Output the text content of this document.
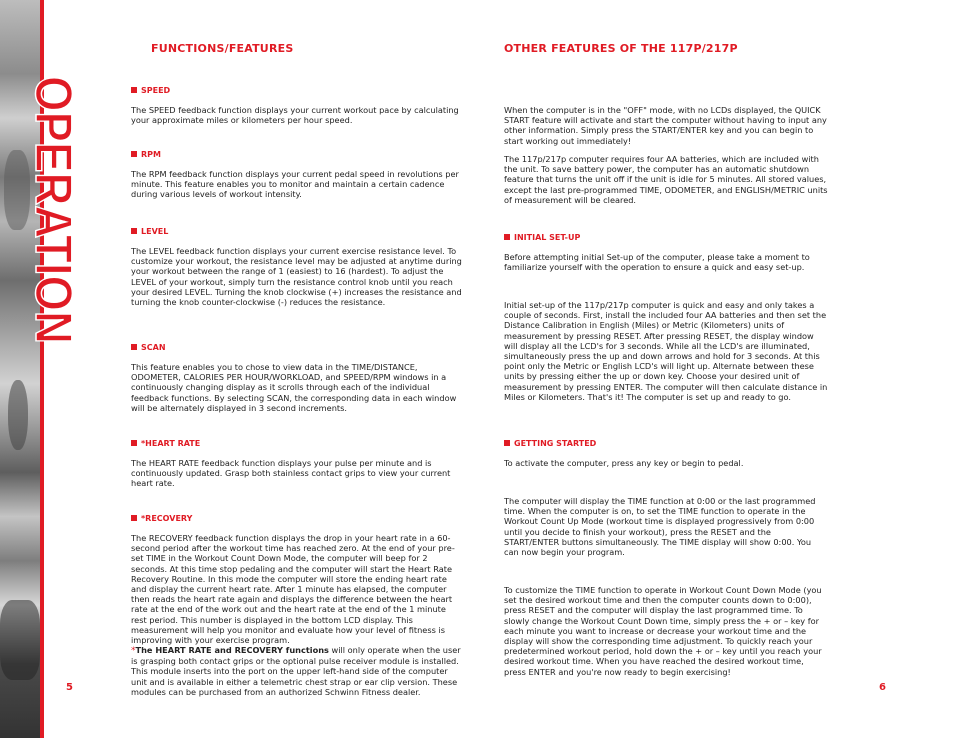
OPERATION
FUNCTIONS/FEATURES
SPEED
The SPEED feedback function displays your current workout pace by calculating your approximate miles or kilometers per hour speed.
RPM
The RPM feedback function displays your current pedal speed in revolutions per minute. This feature enables you to monitor and maintain a certain cadence during various levels of workout intensity.
LEVEL
The LEVEL feedback function displays your current exercise resistance level. To customize your workout, the resistance level may be adjusted at anytime during your workout between the range of 1 (easiest) to 16 (hardest). To adjust the LEVEL of your workout, simply turn the resistance control knob until you reach your desired LEVEL. Turning the knob clockwise (+) increases the resistance and turning the knob counter-clockwise (-) reduces the resistance.
SCAN
This feature enables you to chose to view data in the TIME/DISTANCE, ODOMETER, CALORIES PER HOUR/WORKLOAD, and SPEED/RPM windows in a continuously changing display as it scrolls through each of the individual feedback functions. By selecting SCAN, the corresponding data in each window will be alternately displayed in 3 second increments.
*HEART RATE
The HEART RATE feedback function displays your pulse per minute and is continuously updated. Grasp both stainless contact grips to view your current heart rate.
*RECOVERY
The RECOVERY feedback function displays the drop in your heart rate in a 60-second period after the workout time has reached zero. At the end of your pre-set TIME in the Workout Count Down Mode, the computer will beep for 2 seconds. At this time stop pedaling and the computer will start the Heart Rate Recovery Routine. In this mode the computer will store the ending heart rate and display the current heart rate. After 1 minute has elapsed, the computer then reads the heart rate again and displays the difference between the heart rate at the end of the work out and the heart rate at the end of the 1 minute rest period. This number is displayed in the bottom LCD display. This measurement will help you monitor and evaluate how your level of fitness is improving with your exercise program.
*The HEART RATE and RECOVERY functions will only operate when the user is grasping both contact grips or the optional pulse receiver module is installed. This module inserts into the port on the upper left-hand side of the computer unit and is available in either a telemetric chest strap or ear clip version. These modules can be purchased from an authorized Schwinn Fitness dealer.
5
OTHER FEATURES OF THE 117P/217P
When the computer is in the "OFF" mode, with no LCDs displayed, the QUICK START feature will activate and start the computer without having to input any other information. Simply press the START/ENTER key and you can begin to start working out immediately!
The 117p/217p computer requires four AA batteries, which are included with the unit. To save battery power, the computer has an automatic shutdown feature that turns the unit off if the unit is idle for 5 minutes. All stored values, except the last pre-programmed TIME, ODOMETER, and ENGLISH/METRIC units of measurement will be cleared.
INITIAL SET-UP
Before attempting initial Set-up of the computer, please take a moment to familiarize yourself with the operation to ensure a quick and easy set-up.
Initial set-up of the 117p/217p computer is quick and easy and only takes a couple of seconds. First, install the included four AA batteries and then set the Distance Calibration in English (Miles) or Metric (Kilometers) units of measurement by pressing RESET. After pressing RESET, the display window will display all the LCD's for 3 seconds. While all the LCD's are illuminated, simultaneously press the up and down arrows and hold for 3 seconds. At this point only the Metric or English LCD's will light up. Alternate between these units by pressing either the up or down key. Choose your desired unit of measurement by pressing ENTER. The computer will then calculate distance in Miles or Kilometers. That's it! The computer is set up and ready to go.
GETTING STARTED
To activate the computer, press any key or begin to pedal.
The computer will display the TIME function at 0:00 or the last programmed time. When the computer is on, to set the TIME function to operate in the Workout Count Up Mode (workout time is displayed progressively from 0:00 until you decide to finish your workout), press the RESET and the START/ENTER buttons simultaneously. The TIME display will show 0:00. You can now begin your program.
To customize the TIME function to operate in Workout Count Down Mode (you set the desired workout time and then the computer counts down to 0:00), press RESET and the computer will display the last programmed time. To slowly change the Workout Count Down time, simply press the + or – key for each minute you want to increase or decrease your workout time and the display will show the corresponding time adjustment. To quickly reach your predetermined workout period, hold down the + or – key until you reach your desired workout time. When you have reached the desired workout time, press ENTER and you're now ready to begin exercising!
6
